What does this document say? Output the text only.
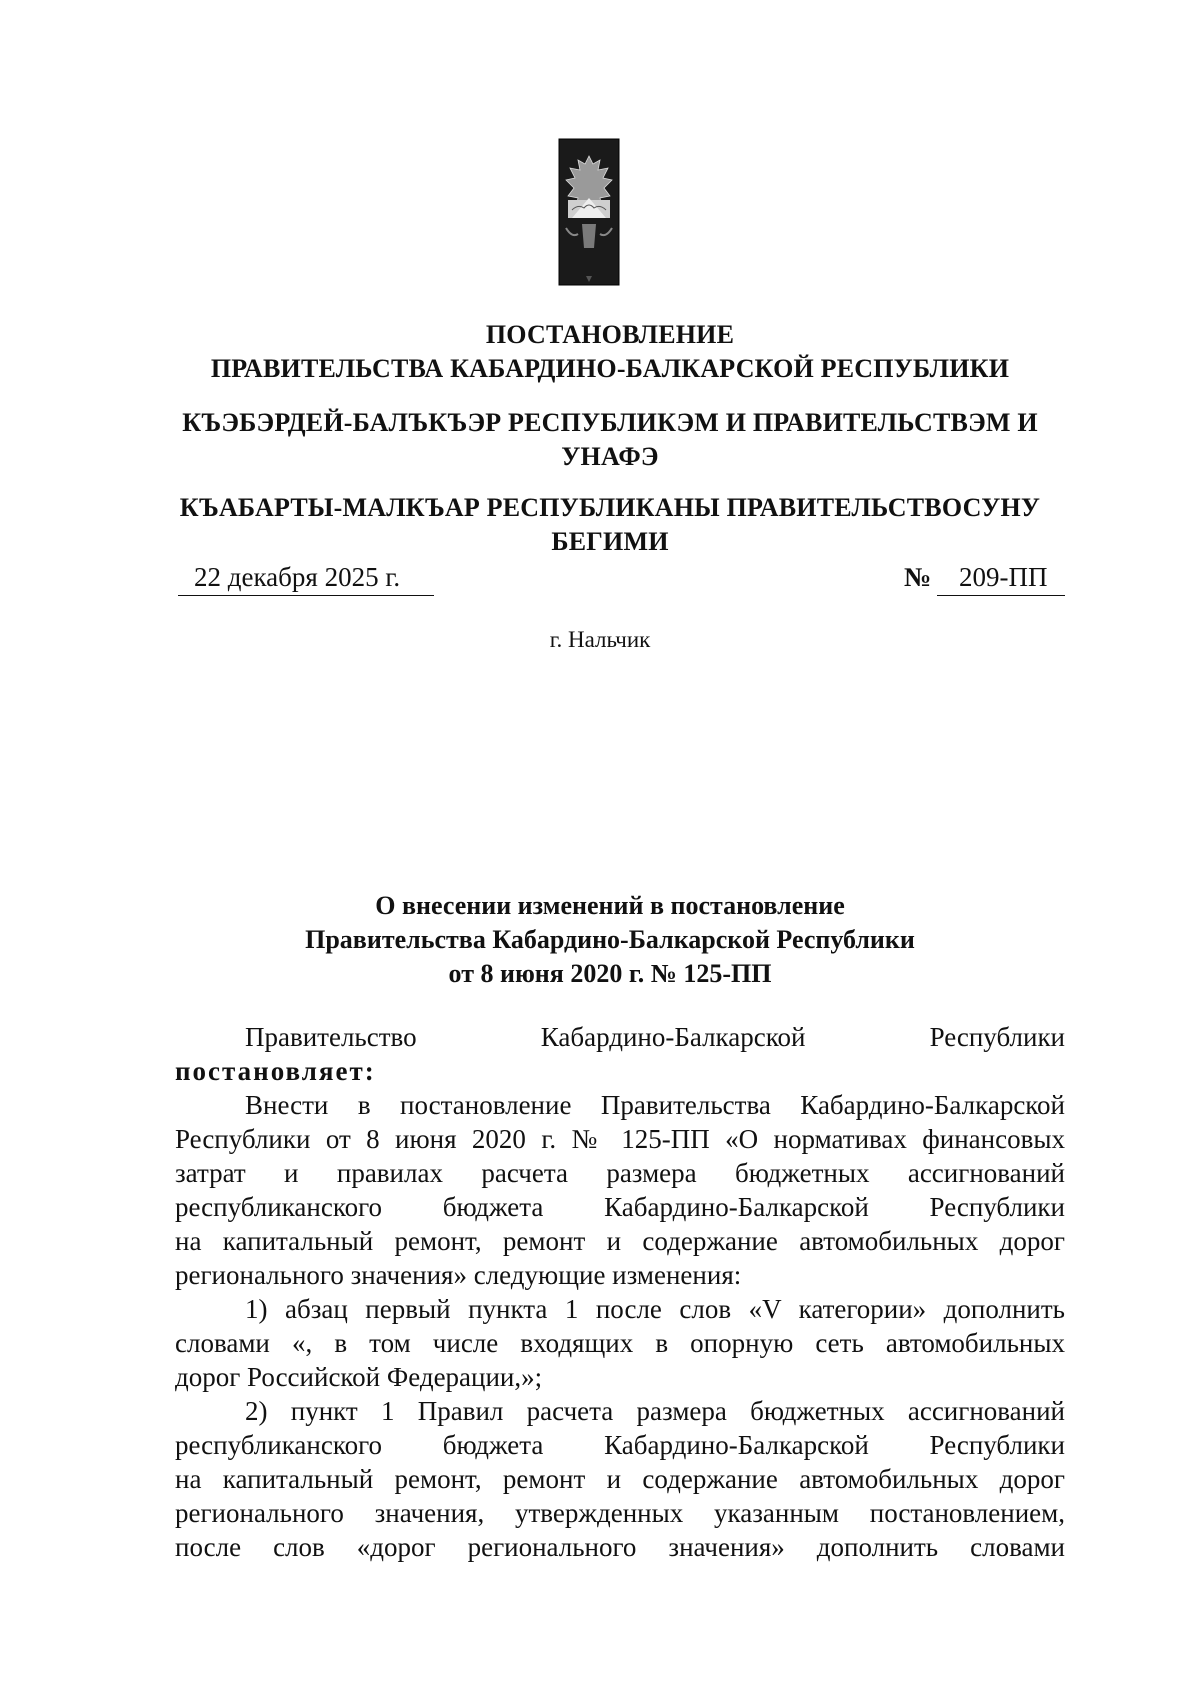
ПОСТАНОВЛЕНИЕ
ПРАВИТЕЛЬСТВА КАБАРДИНО-БАЛКАРСКОЙ РЕСПУБЛИКИ
КЪЭБЭРДЕЙ-БАЛЪКЪЭР РЕСПУБЛИКЭМ И ПРАВИТЕЛЬСТВЭМ И
УНАФЭ
КЪАБАРТЫ-МАЛКЪАР РЕСПУБЛИКАНЫ ПРАВИТЕЛЬСТВОСУНУ
БЕГИМИ
22 декабря 2025 г.	№	209-ПП
г. Нальчик
О внесении изменений в постановление
Правительства Кабардино-Балкарской Республики
от 8 июня 2020 г. № 125-ПП
Правительство	Кабардино-Балкарской	Республики
постановляет:
Внести в постановление Правительства Кабардино-Балкарской
Республики от 8 июня 2020 г. № 125-ПП «О нормативах финансовых
затрат и правилах расчета размера бюджетных ассигнований
республиканского бюджета Кабардино-Балкарской Республики
на капитальный ремонт, ремонт и содержание автомобильных дорог
регионального значения» следующие изменения:
1) абзац первый пункта 1 после слов «V категории» дополнить
словами «, в том числе входящих в опорную сеть автомобильных
дорог Российской Федерации,»;
2) пункт 1 Правил расчета размера бюджетных ассигнований
республиканского бюджета Кабардино-Балкарской Республики
на капитальный ремонт, ремонт и содержание автомобильных дорог
регионального значения, утвержденных указанным постановлением,
после слов «дорог регионального значения» дополнить словами
